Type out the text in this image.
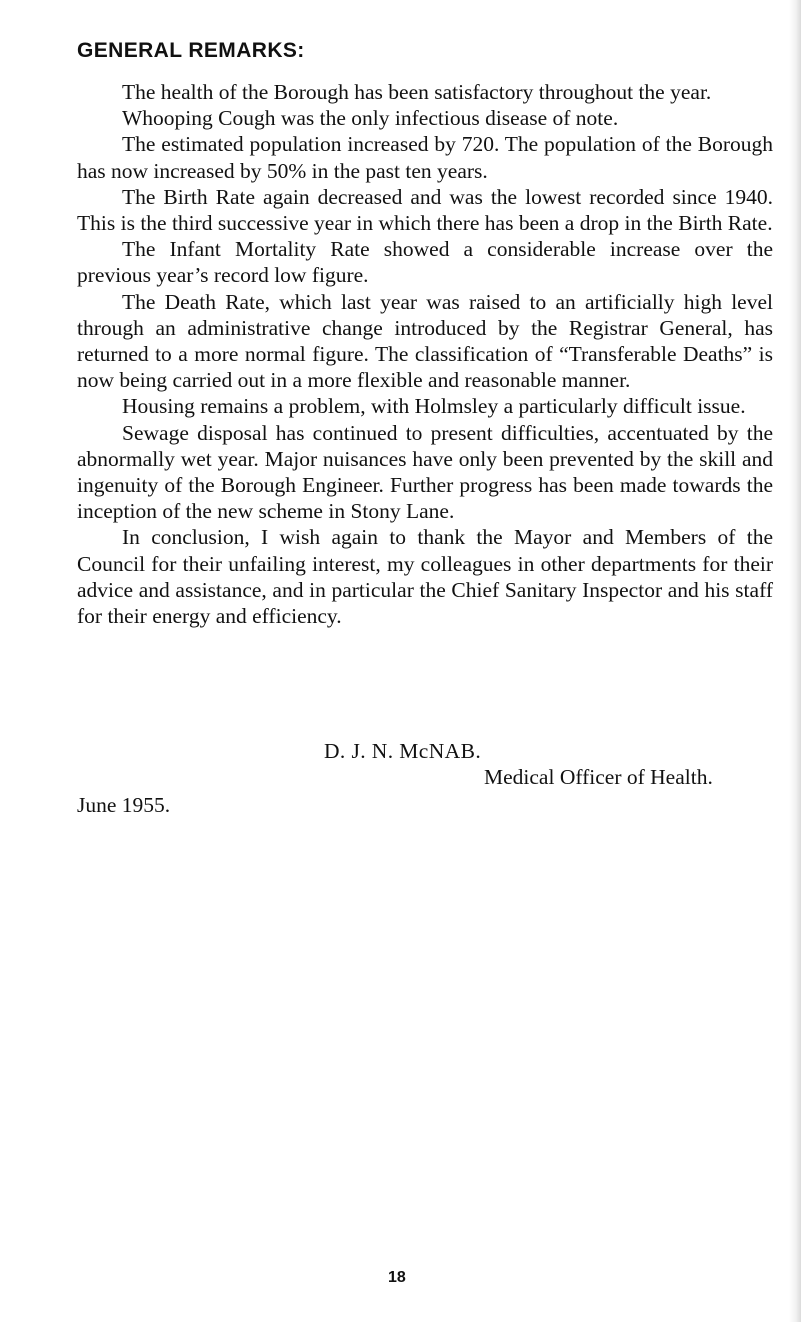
GENERAL REMARKS:

The health of the Borough has been satisfactory throughout the year.

Whooping Cough was the only infectious disease of note.

The estimated population increased by 720. The population of the Borough has now increased by 50% in the past ten years.

The Birth Rate again decreased and was the lowest recorded since 1940. This is the third successive year in which there has been a drop in the Birth Rate.

The Infant Mortality Rate showed a considerable increase over the previous year’s record low figure.

The Death Rate, which last year was raised to an artificially high level through an administrative change introduced by the Registrar General, has returned to a more normal figure. The classification of “Transferable Deaths” is now being carried out in a more flexible and reasonable manner.

Housing remains a problem, with Holmsley a particularly difficult issue.

Sewage disposal has continued to present difficulties, accentuated by the abnormally wet year. Major nuisances have only been prevented by the skill and ingenuity of the Borough Engineer. Further progress has been made towards the inception of the new scheme in Stony Lane.

In conclusion, I wish again to thank the Mayor and Members of the Council for their unfailing interest, my colleagues in other departments for their advice and assistance, and in particular the Chief Sanitary Inspector and his staff for their energy and efficiency.

D. J. N. McNAB.
Medical Officer of Health.
June 1955.
18
